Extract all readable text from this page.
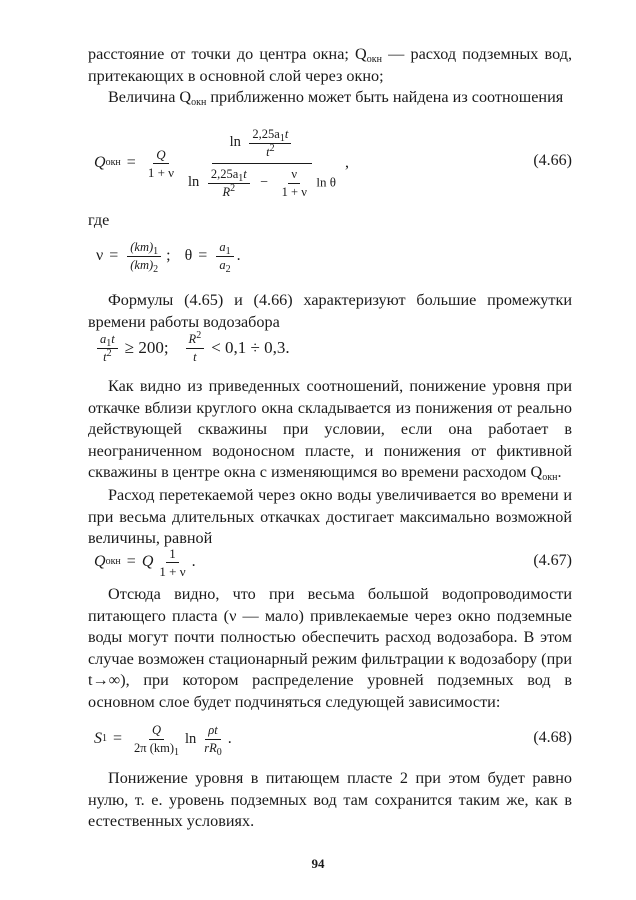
расстояние от точки до центра окна; $Q_{окн}$ — расход подземных вод, притекающих в основной слой через окно;

Величина $Q_{окн}$ приближенно может быть найдена из соотношения

Q окн = $\frac{Q}{1 + \nu}$
$\ln \frac{2,25a_1t}{t^2}$
$\ln \frac{2,25a_1t}{R^2} - \frac{\nu}{1 + \nu}$ ln θ
,	(4.66)

где

$\nu = \frac{(km)_1}{(km)_2}$ ; $\theta = \frac{a_1}{a_2}$ .

Формулы (4.65) и (4.66) характеризуют большие промежутки времени работы водозабора

$\frac{a_1t}{t^2} \ge 200$; $\frac{R^2}{t} < 0,1 \div 0,3$.

Как видно из приведенных соотношений, понижение уровня при откачке вблизи круглого окна складывается из понижения от реально действующей скважины при условии, если она работает в неограниченном водоносном пласте, и понижения от фиктивной скважины в центре окна с изменяющимся во времени расходом $Q_{окн}$.

Расход перетекаемой через окно воды увеличивается во времени и при весьма длительных откачках достигает максимально возможной величины, равной

Q окн = Q $\frac{1}{1 + \nu}$ .	(4.67)

Отсюда видно, что при весьма большой водопроводимости питающего пласта (ν — мало) привлекаемые через окно подземные воды могут почти полностью обеспечить расход водозабора. В этом случае возможен стационарный режим фильтрации к водозабору (при t→∞), при котором распределение уровней подземных вод в основном слое будет подчиняться следующей зависимости:

S $1 = \frac{Q}{2\pi (km)_1}$ $\ln \frac{\rho t}{rR_0}$ .	(4.68)

Понижение уровня в питающем пласте 2 при этом будет равно нулю, т. е. уровень подземных вод там сохранится таким же, как в естественных условиях.

94
